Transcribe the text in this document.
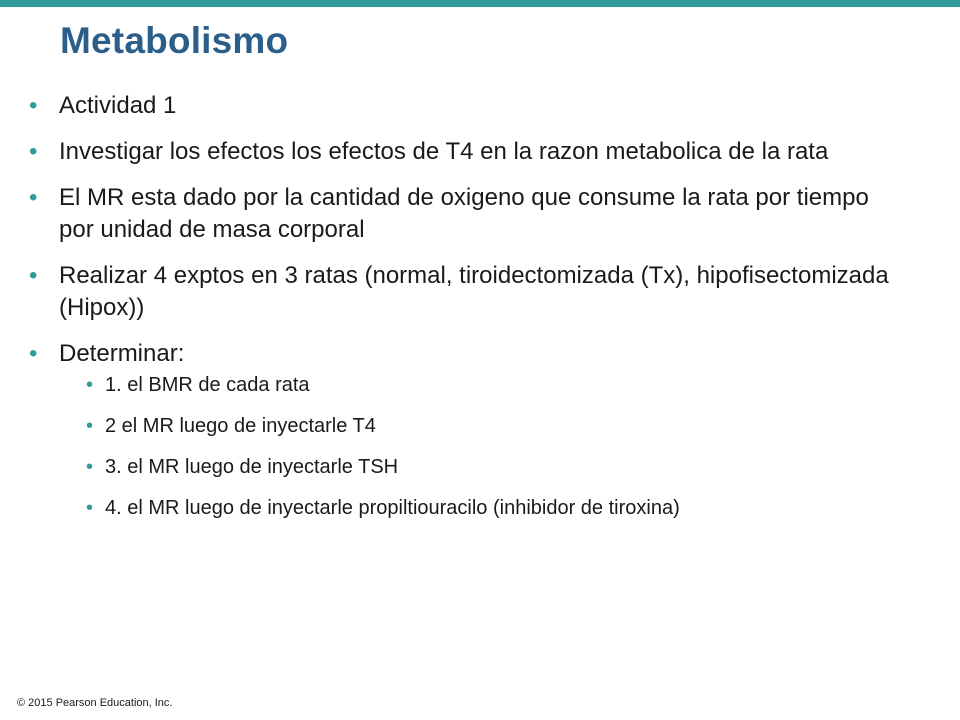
Metabolismo
• Actividad 1
• Investigar los efectos los efectos de T4 en la razon metabolica de la rata
• El MR esta dado por la cantidad de oxigeno que consume la rata por tiempo por unidad de masa corporal
• Realizar 4 exptos en 3 ratas (normal, tiroidectomizada (Tx), hipofisectomizada (Hipox))
• Determinar:
• 1. el BMR de cada rata
• 2 el MR luego de inyectarle T4
• 3. el MR luego de inyectarle TSH
• 4. el MR luego de inyectarle propiltiouracilo (inhibidor de tiroxina)
© 2015 Pearson Education, Inc.
